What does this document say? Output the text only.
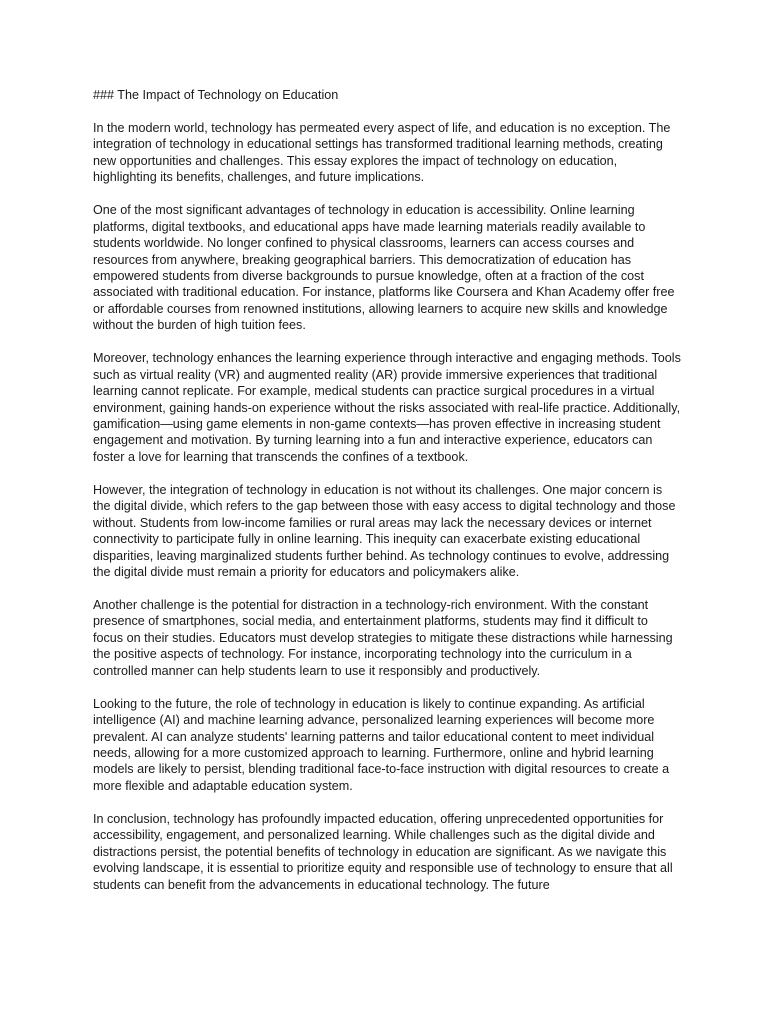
### The Impact of Technology on Education

In the modern world, technology has permeated every aspect of life, and education is no exception. The integration of technology in educational settings has transformed traditional learning methods, creating new opportunities and challenges. This essay explores the impact of technology on education, highlighting its benefits, challenges, and future implications.

One of the most significant advantages of technology in education is accessibility. Online learning platforms, digital textbooks, and educational apps have made learning materials readily available to students worldwide. No longer confined to physical classrooms, learners can access courses and resources from anywhere, breaking geographical barriers. This democratization of education has empowered students from diverse backgrounds to pursue knowledge, often at a fraction of the cost associated with traditional education. For instance, platforms like Coursera and Khan Academy offer free or affordable courses from renowned institutions, allowing learners to acquire new skills and knowledge without the burden of high tuition fees.

Moreover, technology enhances the learning experience through interactive and engaging methods. Tools such as virtual reality (VR) and augmented reality (AR) provide immersive experiences that traditional learning cannot replicate. For example, medical students can practice surgical procedures in a virtual environment, gaining hands-on experience without the risks associated with real-life practice. Additionally, gamification—using game elements in non-game contexts—has proven effective in increasing student engagement and motivation. By turning learning into a fun and interactive experience, educators can foster a love for learning that transcends the confines of a textbook.

However, the integration of technology in education is not without its challenges. One major concern is the digital divide, which refers to the gap between those with easy access to digital technology and those without. Students from low-income families or rural areas may lack the necessary devices or internet connectivity to participate fully in online learning. This inequity can exacerbate existing educational disparities, leaving marginalized students further behind. As technology continues to evolve, addressing the digital divide must remain a priority for educators and policymakers alike.

Another challenge is the potential for distraction in a technology-rich environment. With the constant presence of smartphones, social media, and entertainment platforms, students may find it difficult to focus on their studies. Educators must develop strategies to mitigate these distractions while harnessing the positive aspects of technology. For instance, incorporating technology into the curriculum in a controlled manner can help students learn to use it responsibly and productively.

Looking to the future, the role of technology in education is likely to continue expanding. As artificial intelligence (AI) and machine learning advance, personalized learning experiences will become more prevalent. AI can analyze students' learning patterns and tailor educational content to meet individual needs, allowing for a more customized approach to learning. Furthermore, online and hybrid learning models are likely to persist, blending traditional face-to-face instruction with digital resources to create a more flexible and adaptable education system.

In conclusion, technology has profoundly impacted education, offering unprecedented opportunities for accessibility, engagement, and personalized learning. While challenges such as the digital divide and distractions persist, the potential benefits of technology in education are significant. As we navigate this evolving landscape, it is essential to prioritize equity and responsible use of technology to ensure that all students can benefit from the advancements in educational technology. The future
